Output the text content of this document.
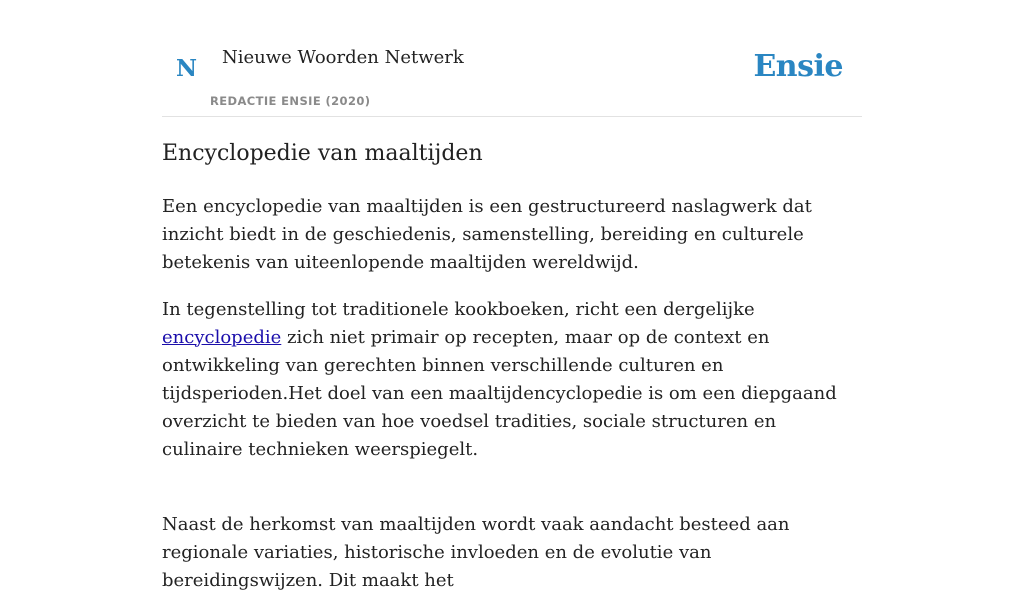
N Nieuwe Woorden Netwerk
REDACTIE ENSIE (2020)
Ensie
Encyclopedie van maaltijden

Een encyclopedie van maaltijden is een gestructureerd naslagwerk dat inzicht biedt in de geschiedenis, samenstelling, bereiding en culturele betekenis van uiteenlopende maaltijden wereldwijd.

In tegenstelling tot traditionele kookboeken, richt een dergelijke encyclopedie zich niet primair op recepten, maar op de context en ontwikkeling van gerechten binnen verschillende culturen en tijdsperioden.Het doel van een maaltijdencyclopedie is om een diepgaand overzicht te bieden van hoe voedsel tradities, sociale structuren en culinaire technieken weerspiegelt.

Naast de herkomst van maaltijden wordt vaak aandacht besteed aan regionale variaties, historische invloeden en de evolutie van bereidingswijzen. Dit maakt het
